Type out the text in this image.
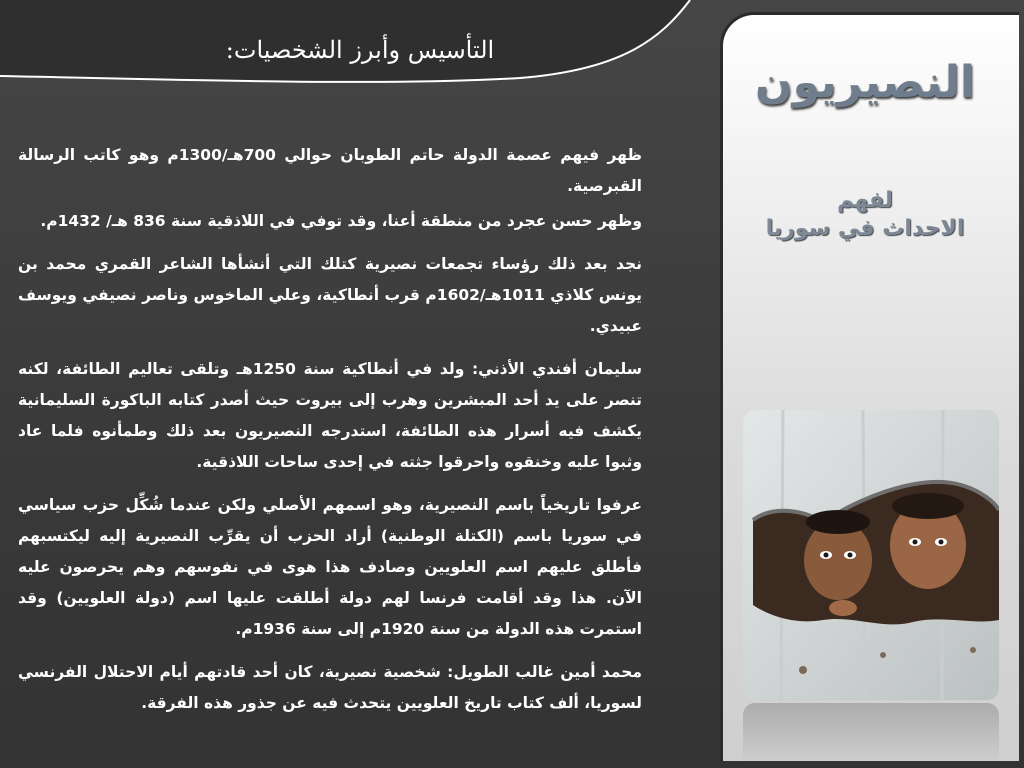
التأسيس وأبرز الشخصيات:

ظهر فيهم عصمة الدولة حاتم الطوبان حوالي 700هـ/1300م وهو كاتب الرسالة القبرصية.

وظهر حسن عجرد من منطقة أعنا، وقد توفي في اللاذقية سنة 836 هـ/ 1432م.

نجد بعد ذلك رؤساء تجمعات نصيرية كتلك التي أنشأها الشاعر القمري محمد بن يونس كلاذي 1011هـ/1602م قرب أنطاكية، وعلي الماخوس وناصر نصيفي ويوسف عبيدي.

سليمان أفندي الأذني: ولد في أنطاكية سنة 1250هـ وتلقى تعاليم الطائفة، لكنه تنصر على يد أحد المبشرين وهرب إلى بيروت حيث أصدر كتابه الباكورة السليمانية يكشف فيه أسرار هذه الطائفة، استدرجه النصيريون بعد ذلك وطمأنوه فلما عاد وثبوا عليه وخنقوه واحرقوا جثته في إحدى ساحات اللاذقية.

عرفوا تاريخياً باسم النصيرية، وهو اسمهم الأصلي ولكن عندما شُكِّل حزب سياسي في سوريا باسم (الكتلة الوطنية) أراد الحزب أن يقرِّب النصيرية إليه ليكتسبهم فأطلق عليهم اسم العلويين وصادف هذا هوى في نفوسهم وهم يحرصون عليه الآن. هذا وقد أقامت فرنسا لهم دولة أطلقت عليها اسم (دولة العلويين) وقد استمرت هذه الدولة من سنة 1920م إلى سنة 1936م.

محمد أمين غالب الطويل: شخصية نصيرية، كان أحد قادتهم أيام الاحتلال الفرنسي لسوريا، ألف كتاب تاريخ العلويين يتحدث فيه عن جذور هذه الفرقة.

النصيريون
لفهم
الاحداث في سوريا
